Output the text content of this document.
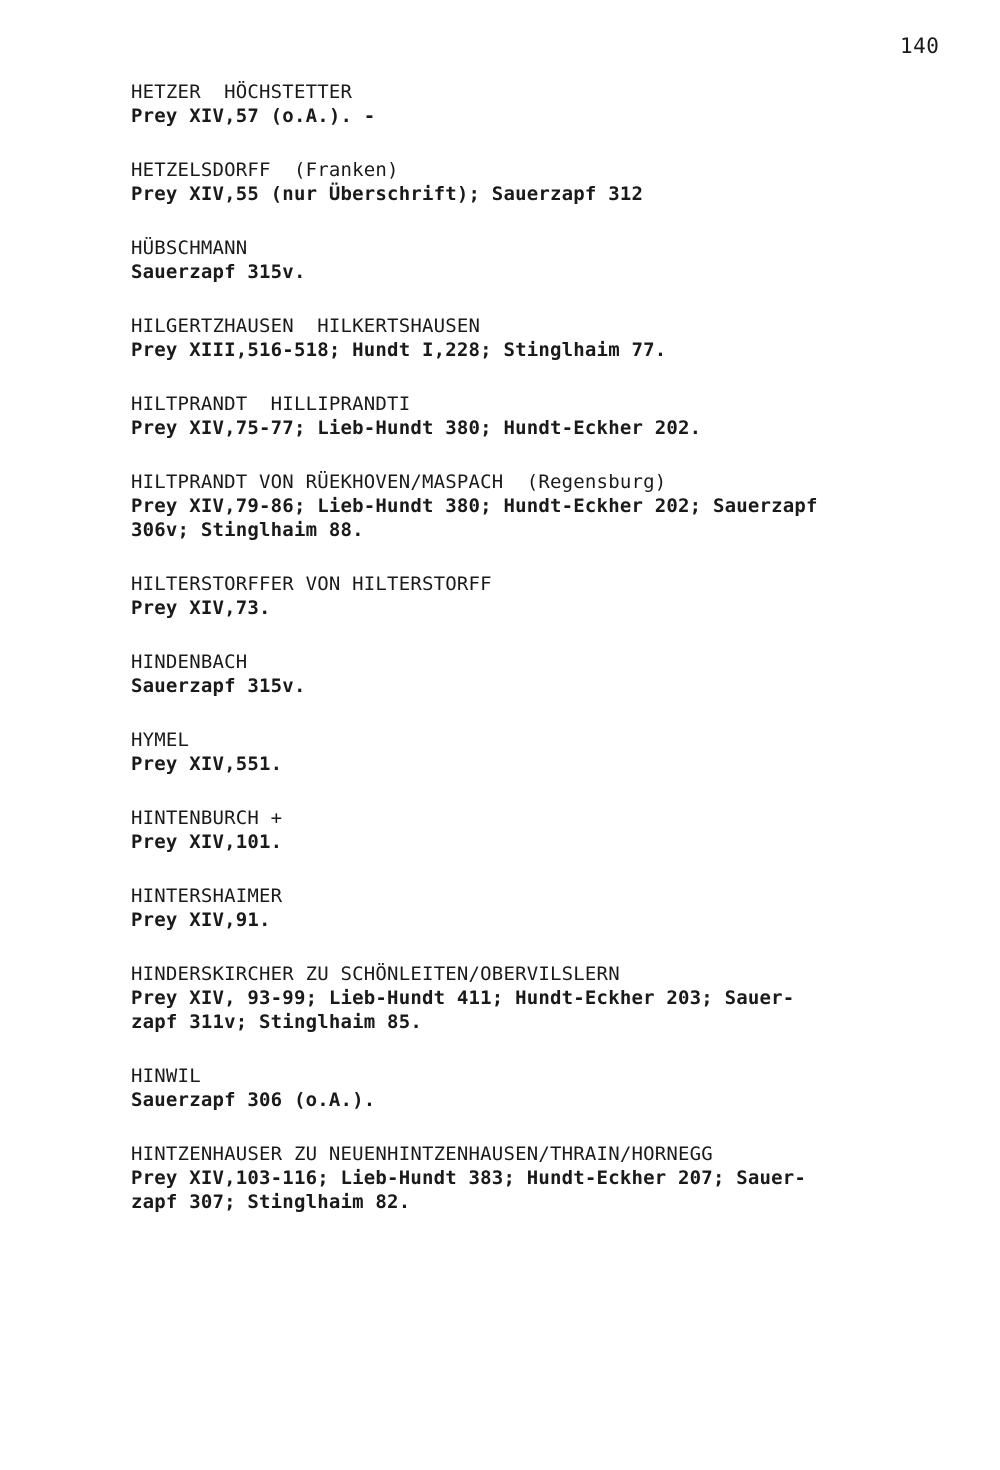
140
HETZER  HÖCHSTETTER
Prey XIV,57 (o.A.). -
HETZELSDORFF  (Franken)
Prey XIV,55 (nur Überschrift); Sauerzapf 312
HÜBSCHMANN
Sauerzapf 315v.
HILGERTZHAUSEN  HILKERTSHAUSEN
Prey XIII,516-518; Hundt I,228; Stinglhaim 77.
HILTPRANDT  HILLIPRANDTI
Prey XIV,75-77; Lieb-Hundt 380; Hundt-Eckher 202.
HILTPRANDT VON RÜEKHOVEN/MASPACH  (Regensburg)
Prey XIV,79-86; Lieb-Hundt 380; Hundt-Eckher 202; Sauerzapf
306v; Stinglhaim 88.
HILTERSTORFFER VON HILTERSTORFF
Prey XIV,73.
HINDENBACH
Sauerzapf 315v.
HYMEL
Prey XIV,551.
HINTENBURCH +
Prey XIV,101.
HINTERSHAIMER
Prey XIV,91.
HINDERSKIRCHER ZU SCHÖNLEITEN/OBERVILSLERN
Prey XIV, 93-99; Lieb-Hundt 411; Hundt-Eckher 203; Sauer-
zapf 311v; Stinglhaim 85.
HINWIL
Sauerzapf 306 (o.A.).
HINTZENHAUSER ZU NEUENHINTZENHAUSEN/THRAIN/HORNEGG
Prey XIV,103-116; Lieb-Hundt 383; Hundt-Eckher 207; Sauer-
zapf 307; Stinglhaim 82.
